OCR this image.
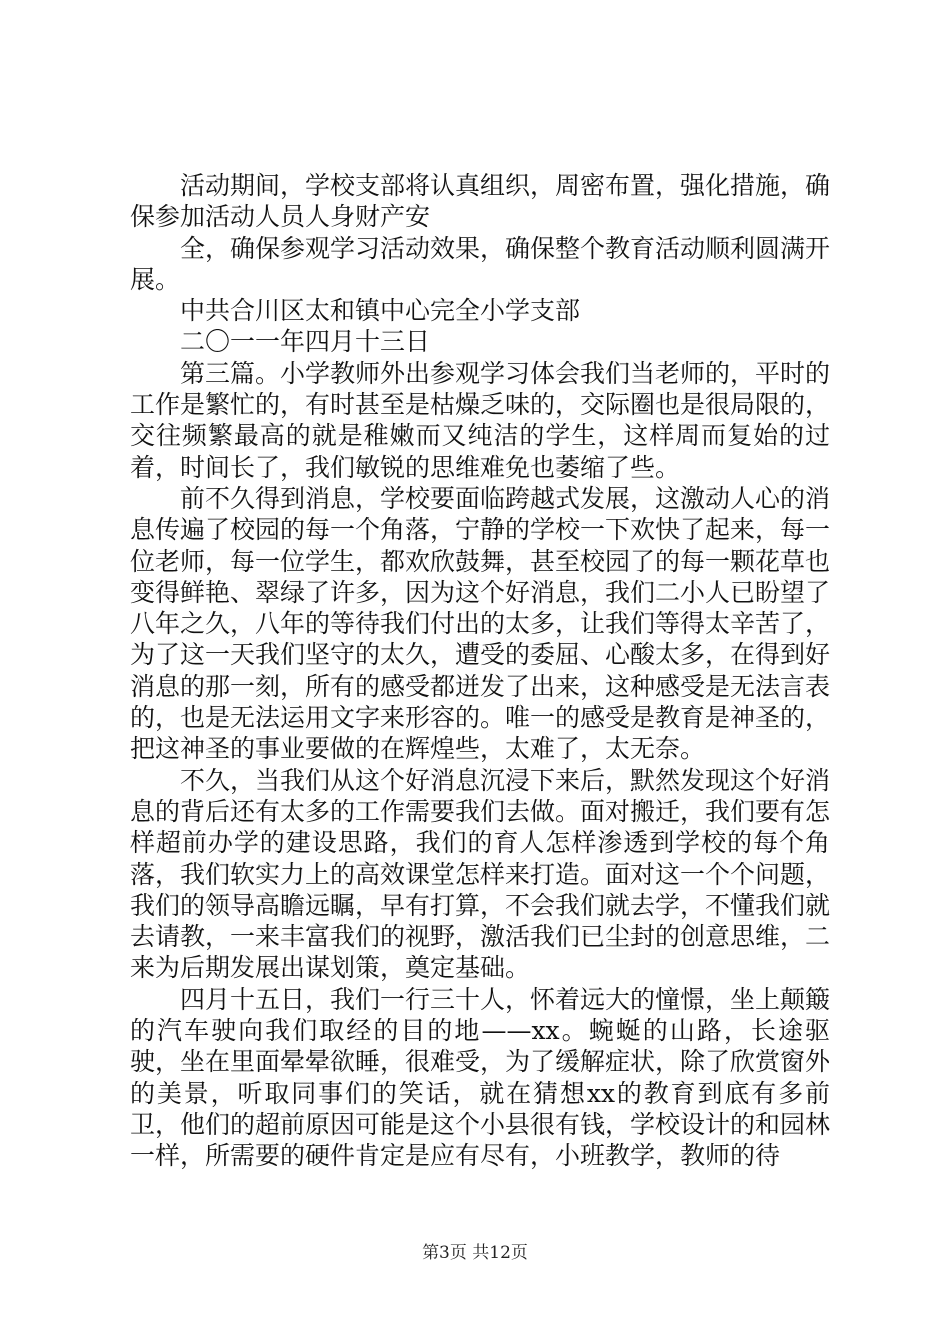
活动期间，学校支部将认真组织，周密布置，强化措施，确保参加活动人员人身财产安

全，确保参观学习活动效果，确保整个教育活动顺利圆满开展。

中共合川区太和镇中心完全小学支部

二〇一一年四月十三日

第三篇。小学教师外出参观学习体会我们当老师的，平时的工作是繁忙的，有时甚至是枯燥乏味的，交际圈也是很局限的，交往频繁最高的就是稚嫩而又纯洁的学生，这样周而复始的过着，时间长了，我们敏锐的思维难免也萎缩了些。

前不久得到消息，学校要面临跨越式发展，这激动人心的消息传遍了校园的每一个角落，宁静的学校一下欢快了起来，每一位老师，每一位学生，都欢欣鼓舞，甚至校园了的每一颗花草也变得鲜艳、翠绿了许多，因为这个好消息，我们二小人已盼望了八年之久，八年的等待我们付出的太多，让我们等得太辛苦了，为了这一天我们坚守的太久，遭受的委屈、心酸太多，在得到好消息的那一刻，所有的感受都迸发了出来，这种感受是无法言表的，也是无法运用文字来形容的。唯一的感受是教育是神圣的，把这神圣的事业要做的在辉煌些，太难了，太无奈。

不久，当我们从这个好消息沉浸下来后，默然发现这个好消息的背后还有太多的工作需要我们去做。面对搬迁，我们要有怎样超前办学的建设思路，我们的育人怎样渗透到学校的每个角落，我们软实力上的高效课堂怎样来打造。面对这一个个问题，我们的领导高瞻远瞩，早有打算，不会我们就去学，不懂我们就去请教，一来丰富我们的视野，激活我们已尘封的创意思维，二来为后期发展出谋划策，奠定基础。

四月十五日，我们一行三十人，怀着远大的憧憬，坐上颠簸的汽车驶向我们取经的目的地——xx。蜿蜒的山路，长途驱驶，坐在里面晕晕欲睡，很难受，为了缓解症状，除了欣赏窗外的美景，听取同事们的笑话，就在猜想xx的教育到底有多前卫，他们的超前原因可能是这个小县很有钱，学校设计的和园林一样，所需要的硬件肯定是应有尽有，小班教学，教师的待

第3页 共12页
